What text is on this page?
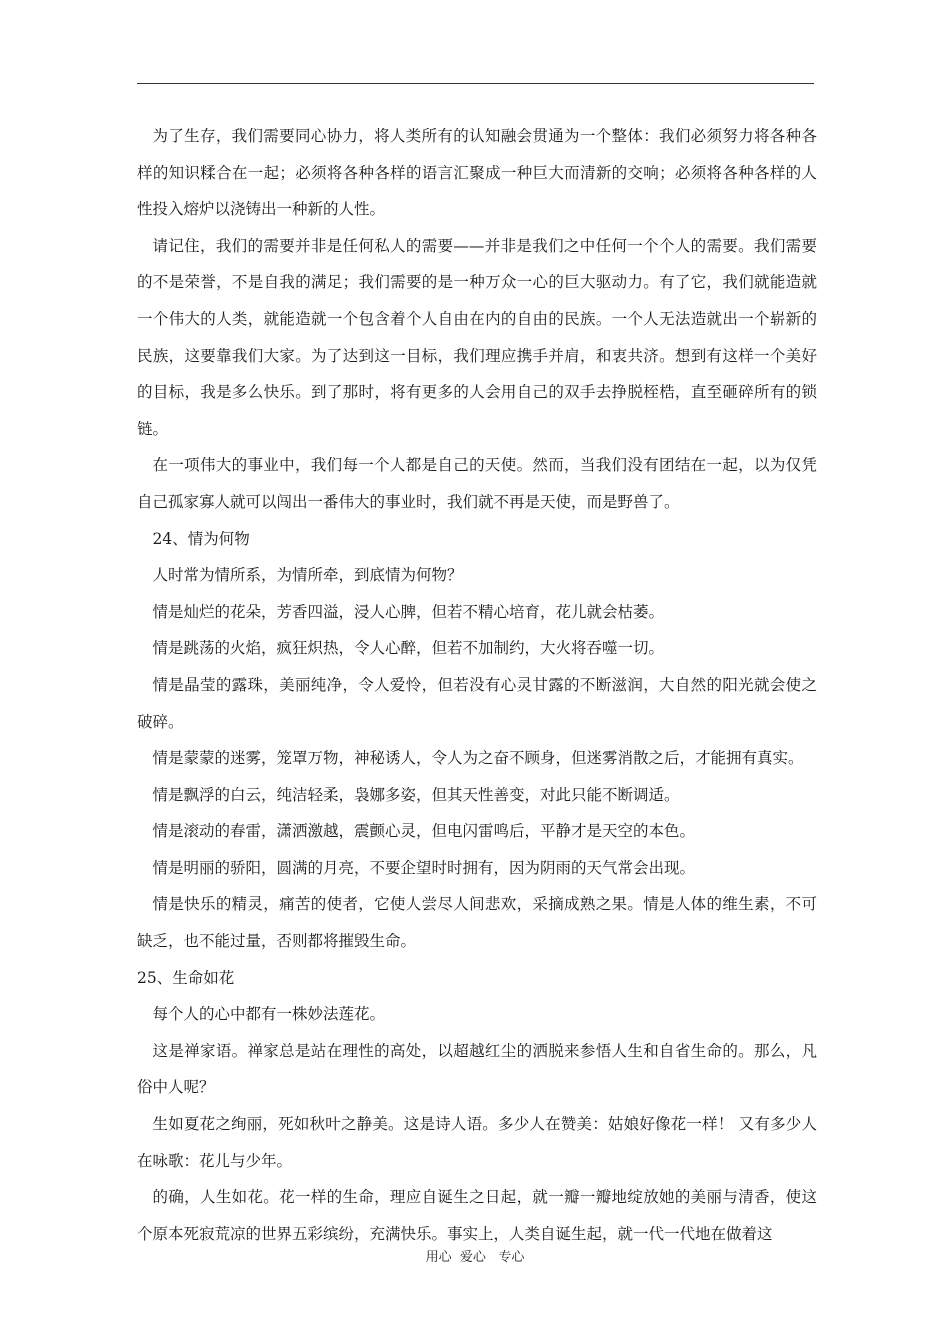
为了生存，我们需要同心协力，将人类所有的认知融会贯通为一个整体：我们必须努力将各种各样的知识糅合在一起；必须将各种各样的语言汇聚成一种巨大而清新的交响；必须将各种各样的人性投入熔炉以浇铸出一种新的人性。

请记住，我们的需要并非是任何私人的需要——并非是我们之中任何一个个人的需要。我们需要的不是荣誉，不是自我的满足；我们需要的是一种万众一心的巨大驱动力。有了它，我们就能造就一个伟大的人类，就能造就一个包含着个人自由在内的自由的民族。一个人无法造就出一个崭新的民族，这要靠我们大家。为了达到这一目标，我们理应携手并肩，和衷共济。想到有这样一个美好的目标，我是多么快乐。到了那时，将有更多的人会用自己的双手去挣脱桎梏，直至砸碎所有的锁链。

在一项伟大的事业中，我们每一个人都是自己的天使。然而，当我们没有团结在一起，以为仅凭自己孤家寡人就可以闯出一番伟大的事业时，我们就不再是天使，而是野兽了。

24、情为何物

人时常为情所系，为情所牵，到底情为何物？

情是灿烂的花朵，芳香四溢，浸人心脾，但若不精心培育，花儿就会枯萎。

情是跳荡的火焰，疯狂炽热，令人心醉，但若不加制约，大火将吞噬一切。

情是晶莹的露珠，美丽纯净，令人爱怜，但若没有心灵甘露的不断滋润，大自然的阳光就会使之破碎。

情是蒙蒙的迷雾，笼罩万物，神秘诱人，令人为之奋不顾身，但迷雾消散之后，才能拥有真实。

情是飘浮的白云，纯洁轻柔，袅娜多姿，但其天性善变，对此只能不断调适。

情是滚动的春雷，潇洒激越，震颤心灵，但电闪雷鸣后，平静才是天空的本色。

情是明丽的骄阳，圆满的月亮，不要企望时时拥有，因为阴雨的天气常会出现。

情是快乐的精灵，痛苦的使者，它使人尝尽人间悲欢，采摘成熟之果。情是人体的维生素，不可缺乏，也不能过量，否则都将摧毁生命。

25、生命如花

每个人的心中都有一株妙法莲花。

这是禅家语。禅家总是站在理性的高处，以超越红尘的洒脱来参悟人生和自省生命的。那么，凡俗中人呢？

生如夏花之绚丽，死如秋叶之静美。这是诗人语。多少人在赞美：姑娘好像花一样！ 又有多少人在咏歌：花儿与少年。

的确，人生如花。花一样的生命，理应自诞生之日起，就一瓣一瓣地绽放她的美丽与清香，使这个原本死寂荒凉的世界五彩缤纷，充满快乐。事实上，人类自诞生起，就一代一代地在做着这

用心  爱心   专心
